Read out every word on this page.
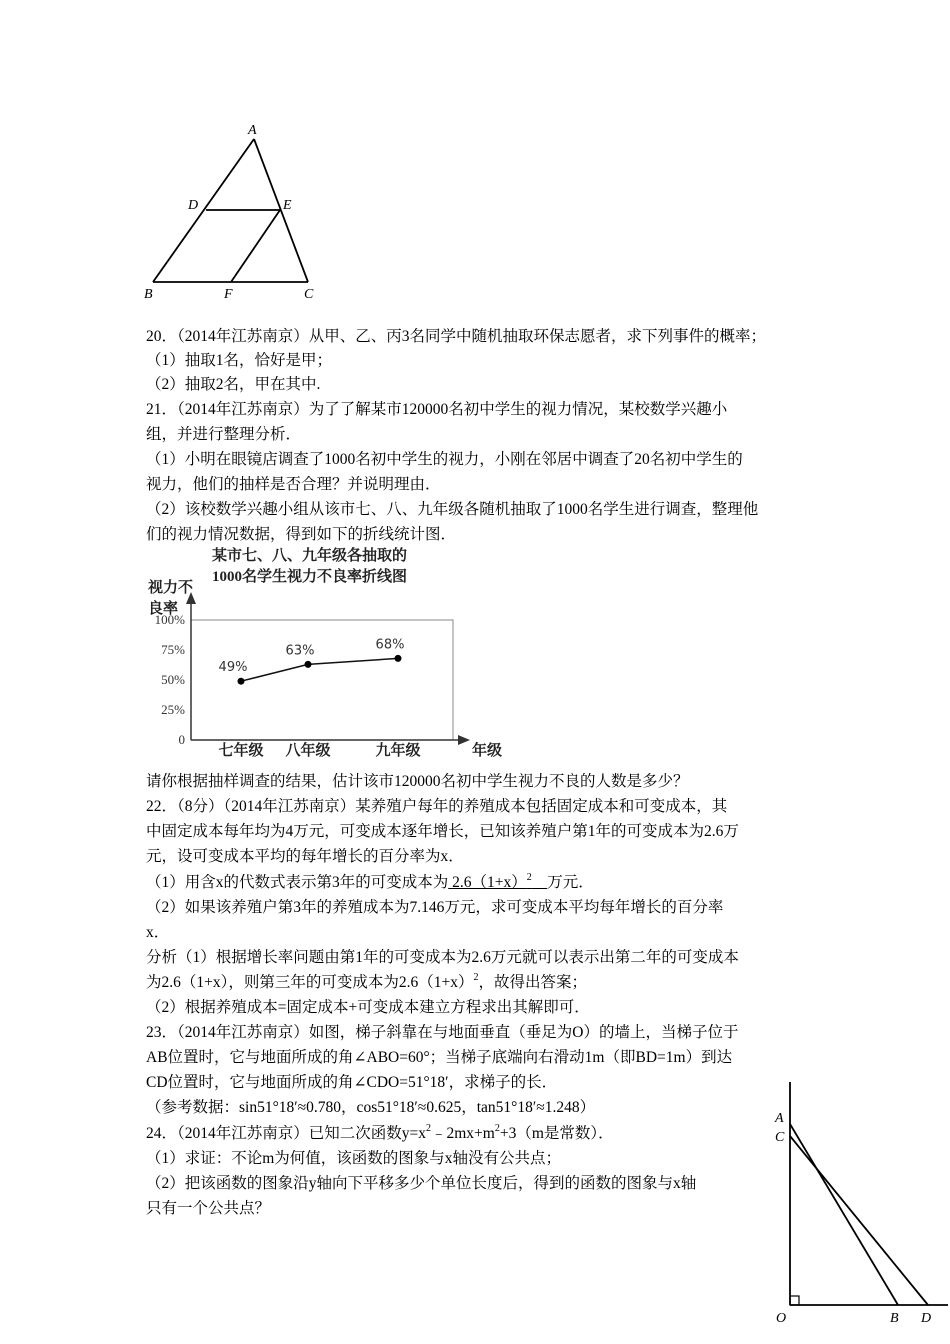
A
D	E
B	F	C
20．（2014年江苏南京）从甲、乙、丙3名同学中随机抽取环保志愿者，求下列事件的概率；
（1）抽取1名，恰好是甲；
（2）抽取2名，甲在其中.
21．（2014年江苏南京）为了了解某市120000名初中学生的视力情况，某校数学兴趣小
组，并进行整理分析．
（1）小明在眼镜店调查了1000名初中学生的视力，小刚在邻居中调查了20名初中学生的
视力，他们的抽样是否合理？并说明理由．
（2）该校数学兴趣小组从该市七、八、九年级各随机抽取了1000名学生进行调查，整理他
们的视力情况数据，得到如下的折线统计图．
某市七、八、九年级各抽取的
1000名学生视力不良率折线图
视力不
良率
年级
0
25%
50%
75%
100%
七年级 八年级	九年级
49%
63%	68%
请你根据抽样调查的结果，估计该市120000名初中学生视力不良的人数是多少？
22．（8分）（2014年江苏南京）某养殖户每年的养殖成本包括固定成本和可变成本，其
中固定成本每年均为4万元，可变成本逐年增长，已知该养殖户第1年的可变成本为2.6万
元，设可变成本平均的每年增长的百分率为x．
（1）用含x的代数式表示第3年的可变成本为 $2.6(1+x)^2$ 万元．
（2）如果该养殖户第3年的养殖成本为7.146万元，求可变成本平均每年增长的百分率
x．
分析（1）根据增长率问题由第1年的可变成本为2.6万元就可以表示出第二年的可变成本
为2.6（1+x），则第三年的可变成本为$2.6(1+x)^2$，故得出答案；
（2）根据养殖成本=固定成本+可变成本建立方程求出其解即可．
23．（2014年江苏南京）如图，梯子斜靠在与地面垂直（垂足为O）的墙上，当梯子位于
AB位置时，它与地面所成的角∠ABO=60°；当梯子底端向右滑动1m（即BD=1m）到达
CD位置时，它与地面所成的角∠CDO=51°18′，求梯子的长．
（参考数据：sin51°18′≈0.780，cos51°18′≈0.625，tan51°18′≈1.248）
24．（2014年江苏南京）已知二次函数$y=x^2﹣2mx+m^2+3(m$是常数）．
（1）求证：不论m为何值，该函数的图象与x轴没有公共点；
（2）把该函数的图象沿y轴向下平移多少个单位长度后，得到的函数的图象与x轴
只有一个公共点？
A
C
O	B D
